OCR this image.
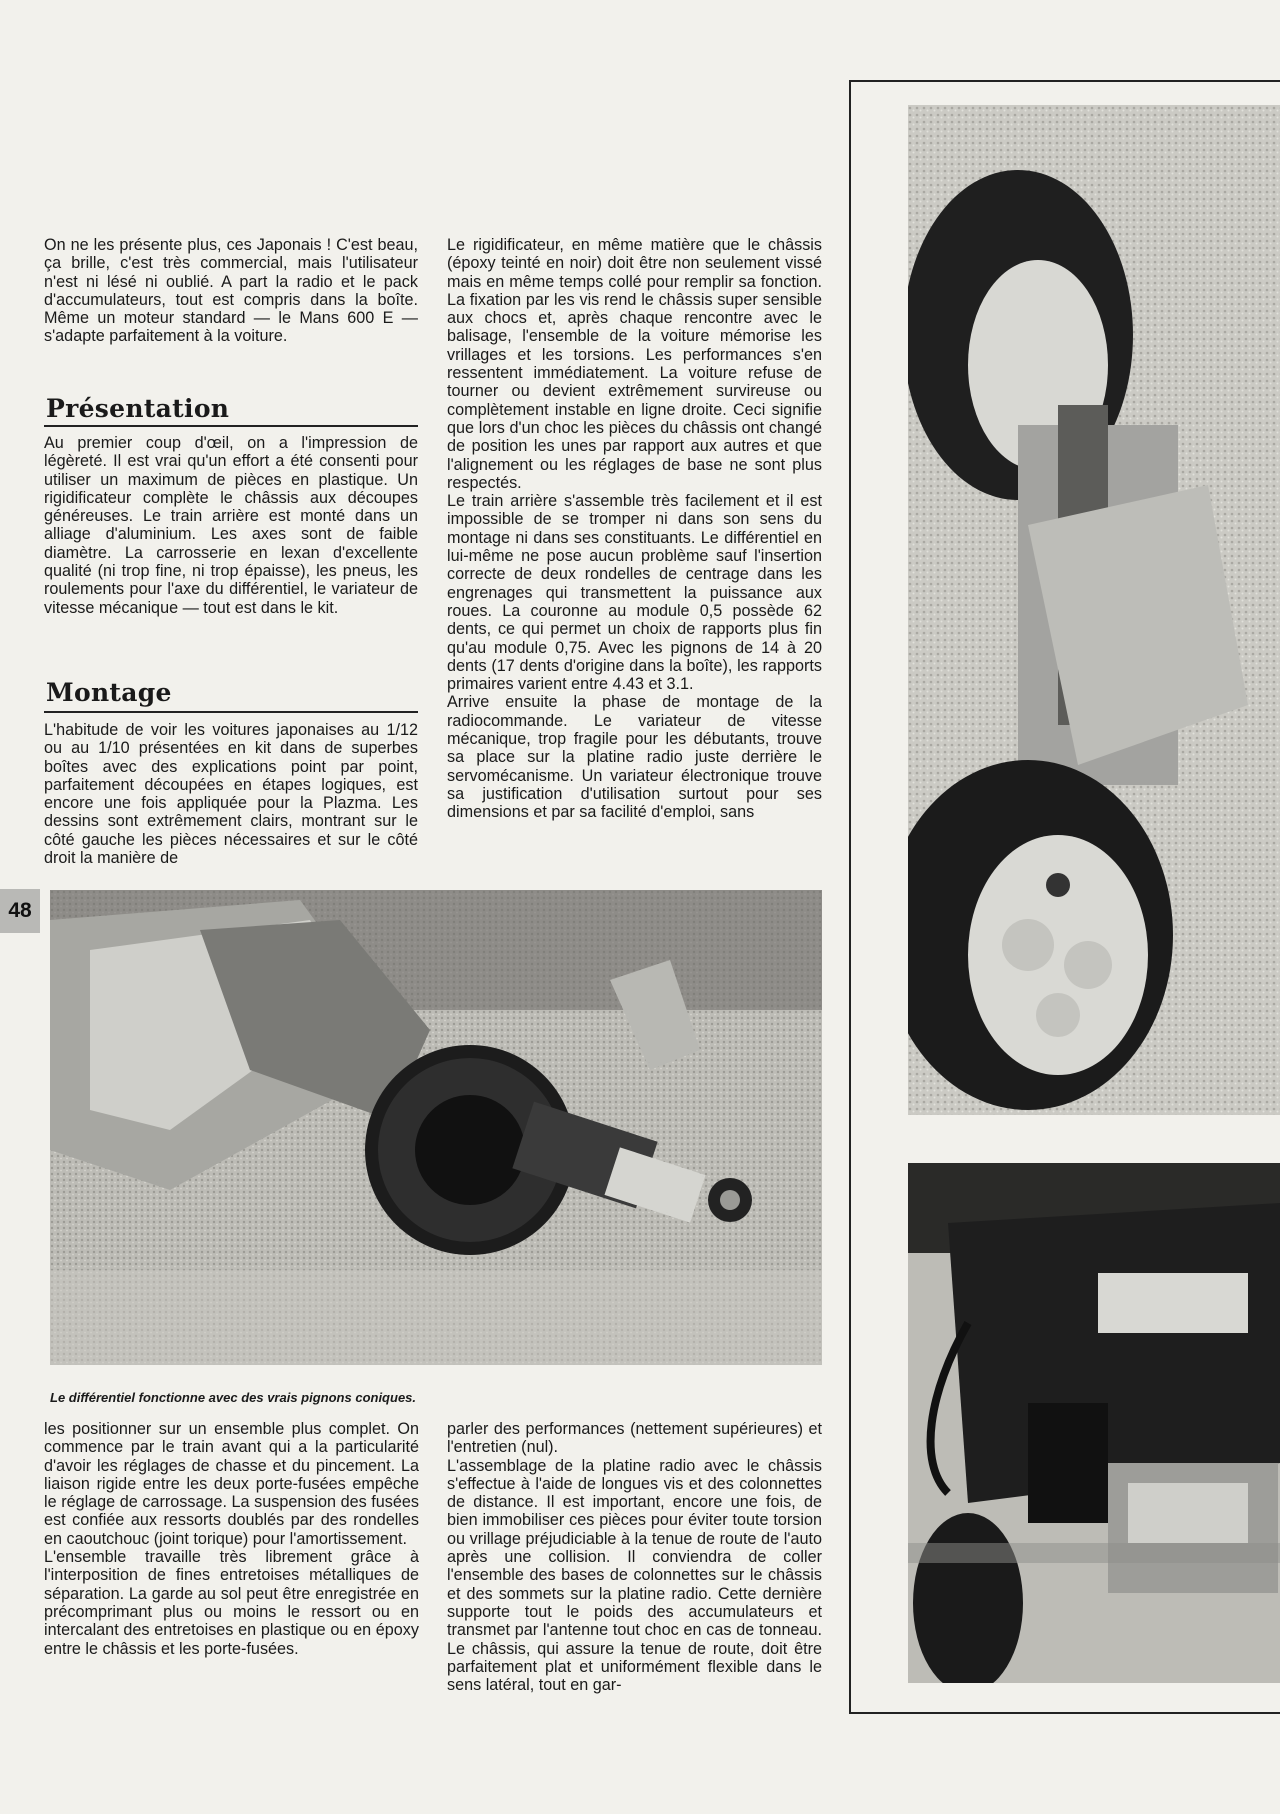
On ne les présente plus, ces Japonais ! C'est beau, ça brille, c'est très commercial, mais l'utilisateur n'est ni lésé ni oublié. A part la radio et le pack d'accumulateurs, tout est compris dans la boîte. Même un moteur standard — le Mans 600 E — s'adapte parfaitement à la voiture.

Présentation

Au premier coup d'œil, on a l'impression de légèreté. Il est vrai qu'un effort a été consenti pour utiliser un maximum de pièces en plastique. Un rigidificateur complète le châssis aux découpes généreuses. Le train arrière est monté dans un alliage d'aluminium. Les axes sont de faible diamètre. La carrosserie en lexan d'excellente qualité (ni trop fine, ni trop épaisse), les pneus, les roulements pour l'axe du différentiel, le variateur de vitesse mécanique — tout est dans le kit.

Montage

L'habitude de voir les voitures japonaises au 1/12 ou au 1/10 présentées en kit dans de superbes boîtes avec des explications point par point, parfaitement découpées en étapes logiques, est encore une fois appliquée pour la Plazma. Les dessins sont extrêmement clairs, montrant sur le côté gauche les pièces nécessaires et sur le côté droit la manière de

Le rigidificateur, en même matière que le châssis (époxy teinté en noir) doit être non seulement vissé mais en même temps collé pour remplir sa fonction. La fixation par les vis rend le châssis super sensible aux chocs et, après chaque rencontre avec le balisage, l'ensemble de la voiture mémorise les vrillages et les torsions. Les performances s'en ressentent immédiatement. La voiture refuse de tourner ou devient extrêmement survireuse ou complètement instable en ligne droite. Ceci signifie que lors d'un choc les pièces du châssis ont changé de position les unes par rapport aux autres et que l'alignement ou les réglages de base ne sont plus respectés.

Le train arrière s'assemble très facilement et il est impossible de se tromper ni dans son sens du montage ni dans ses constituants. Le différentiel en lui-même ne pose aucun problème sauf l'insertion correcte de deux rondelles de centrage dans les engrenages qui transmettent la puissance aux roues. La couronne au module 0,5 possède 62 dents, ce qui permet un choix de rapports plus fin qu'au module 0,75. Avec les pignons de 14 à 20 dents (17 dents d'origine dans la boîte), les rapports primaires varient entre 4.43 et 3.1.

Arrive ensuite la phase de montage de la radiocommande. Le variateur de vitesse mécanique, trop fragile pour les débutants, trouve sa place sur la platine radio juste derrière le servomécanisme. Un variateur électronique trouve sa justification d'utilisation surtout pour ses dimensions et par sa facilité d'emploi, sans

48
Le différentiel fonctionne avec des vrais pignons coniques.

les positionner sur un ensemble plus complet. On commence par le train avant qui a la particularité d'avoir les réglages de chasse et du pincement. La liaison rigide entre les deux porte-fusées empêche le réglage de carrossage. La suspension des fusées est confiée aux ressorts doublés par des rondelles en caoutchouc (joint torique) pour l'amortissement.

L'ensemble travaille très librement grâce à l'interposition de fines entretoises métalliques de séparation. La garde au sol peut être enregistrée en précomprimant plus ou moins le ressort ou en intercalant des entretoises en plastique ou en époxy entre le châssis et les porte-fusées.

parler des performances (nettement supérieures) et l'entretien (nul).

L'assemblage de la platine radio avec le châssis s'effectue à l'aide de longues vis et des colonnettes de distance. Il est important, encore une fois, de bien immobiliser ces pièces pour éviter toute torsion ou vrillage préjudiciable à la tenue de route de l'auto après une collision. Il conviendra de coller l'ensemble des bases de colonnettes sur le châssis et des sommets sur la platine radio. Cette dernière supporte tout le poids des accumulateurs et transmet par l'antenne tout choc en cas de tonneau. Le châssis, qui assure la tenue de route, doit être parfaitement plat et uniformément flexible dans le sens latéral, tout en gar-
